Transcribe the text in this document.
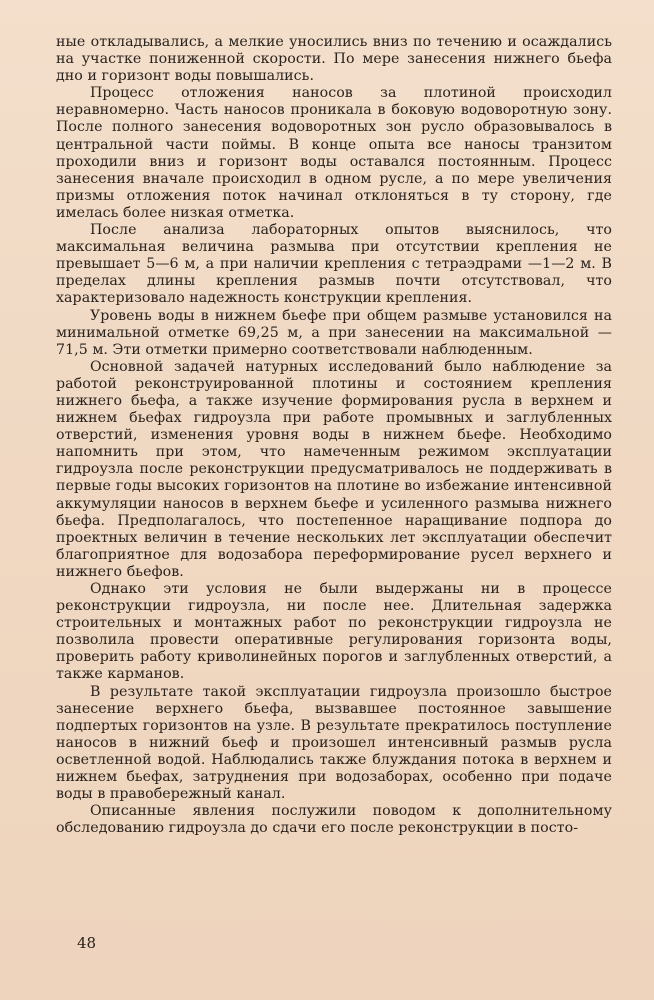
ные откладывались, а мелкие уносились вниз по течению и осаждались на участке пониженной скорости. По мере занесения нижнего бьефа дно и горизонт воды повышались.

Процесс отложения наносов за плотиной происходил неравномерно. Часть наносов проникала в боковую водоворотную зону. После полного занесения водоворотных зон русло образовывалось в центральной части поймы. В конце опыта все наносы транзитом проходили вниз и горизонт воды оставался постоянным. Процесс занесения вначале происходил в одном русле, а по мере увеличения призмы отложения поток начинал отклоняться в ту сторону, где имелась более низкая отметка.

После анализа лабораторных опытов выяснилось, что максимальная величина размыва при отсутствии крепления не превышает 5—6 м, а при наличии крепления с тетраэдрами —1—2 м. В пределах длины крепления размыв почти отсутствовал, что характеризовало надежность конструкции крепления.

Уровень воды в нижнем бьефе при общем размыве установился на минимальной отметке 69,25 м, а при занесении на максимальной — 71,5 м. Эти отметки примерно соответствовали наблюденным.

Основной задачей натурных исследований было наблюдение за работой реконструированной плотины и состоянием крепления нижнего бьефа, а также изучение формирования русла в верхнем и нижнем бьефах гидроузла при работе промывных и заглубленных отверстий, изменения уровня воды в нижнем бьефе. Необходимо напомнить при этом, что намеченным режимом эксплуатации гидроузла после реконструкции предусматривалось не поддерживать в первые годы высоких горизонтов на плотине во избежание интенсивной аккумуляции наносов в верхнем бьефе и усиленного размыва нижнего бьефа. Предполагалось, что постепенное наращивание подпора до проектных величин в течение нескольких лет эксплуатации обеспечит благоприятное для водозабора переформирование русел верхнего и нижнего бьефов.

Однако эти условия не были выдержаны ни в процессе реконструкции гидроузла, ни после нее. Длительная задержка строительных и монтажных работ по реконструкции гидроузла не позволила провести оперативные регулирования горизонта воды, проверить работу криволинейных порогов и заглубленных отверстий, а также карманов.

В результате такой эксплуатации гидроузла произошло быстрое занесение верхнего бьефа, вызвавшее постоянное завышение подпертых горизонтов на узле. В результате прекратилось поступление наносов в нижний бьеф и произошел интенсивный размыв русла осветленной водой. Наблюдались также блуждания потока в верхнем и нижнем бьефах, затруднения при водозаборах, особенно при подаче воды в правобережный канал.

Описанные явления послужили поводом к дополнительному обследованию гидроузла до сдачи его после реконструкции в посто-

48
